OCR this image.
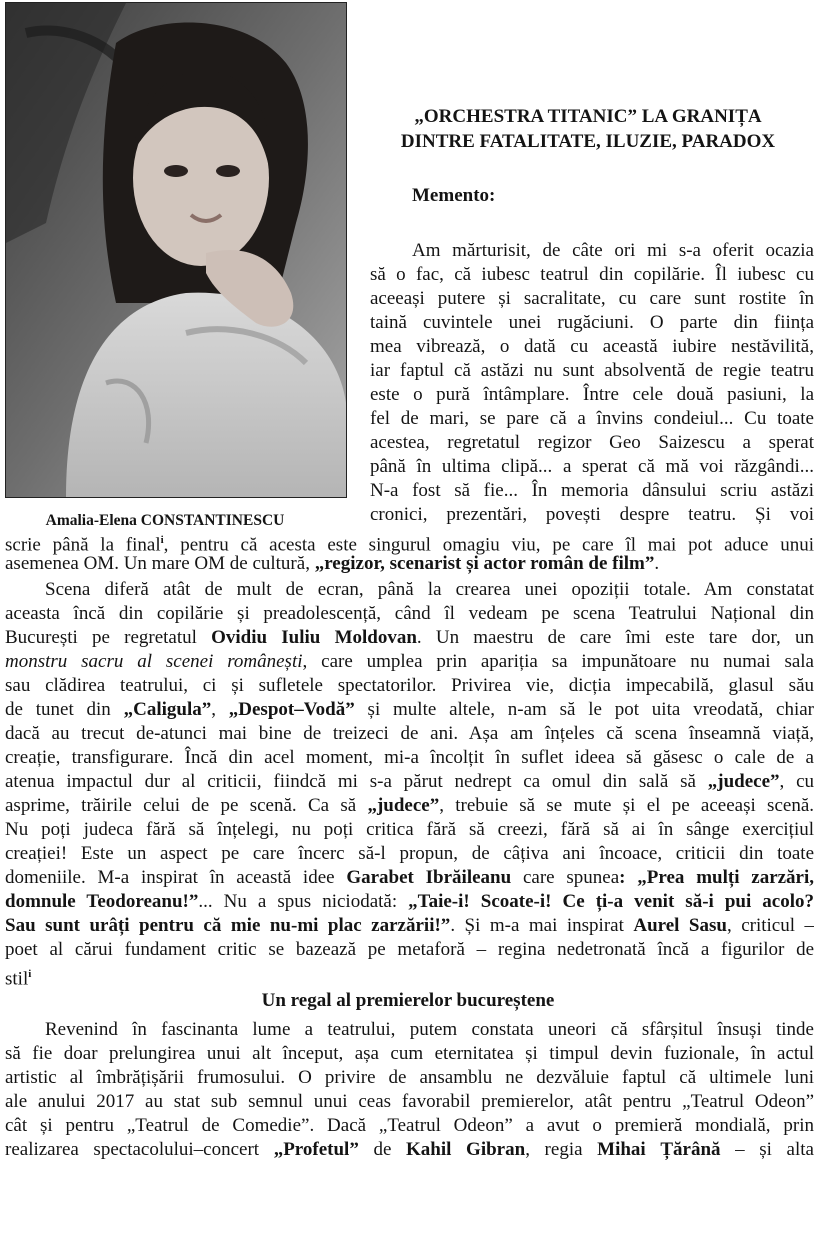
Amalia-Elena CONSTANTINESCU
„ORCHESTRA TITANIC” LA GRANIȚA
DINTRE FATALITATE, ILUZIE, PARADOX
Memento:
Am mărturisit, de câte ori mi s-a oferit ocazia
să o fac, că iubesc teatrul din copilărie. Îl iubesc cu
aceeași putere și sacralitate, cu care sunt rostite în
taină cuvintele unei rugăciuni. O parte din ființa
mea vibrează, o dată cu această iubire nestăvilită,
iar faptul că astăzi nu sunt absolventă de regie teatru
este o pură întâmplare. Între cele două pasiuni, la
fel de mari, se pare că a învins condeiul... Cu toate
acestea, regretatul regizor Geo Saizescu a sperat
până în ultima clipă... a sperat că mă voi răzgândi...
N-a fost să fie... În memoria dânsului scriu astăzi
cronici, prezentări, povești despre teatru. Și voi
scrie până la final$^i$, pentru că acesta este singurul omagiu viu, pe care îl mai pot aduce unui
asemenea OM. Un mare OM de cultură, „regizor, scenarist și actor român de film”.
Scena diferă atât de mult de ecran, până la crearea unei opoziții totale. Am constatat
aceasta încă din copilărie și preadolescență, când îl vedeam pe scena Teatrului Național din
București pe regretatul Ovidiu Iuliu Moldovan. Un maestru de care îmi este tare dor, un
monstru sacru al scenei românești, care umplea prin apariția sa impunătoare nu numai sala
sau clădirea teatrului, ci și sufletele spectatorilor. Privirea vie, dicția impecabilă, glasul său
de tunet din „Caligula”, „Despot–Vodă” și multe altele, n-am să le pot uita vreodată, chiar
dacă au trecut de-atunci mai bine de treizeci de ani. Așa am înțeles că scena înseamnă viață,
creație, transfigurare. Încă din acel moment, mi-a încolțit în suflet ideea să găsesc o cale de a
atenua impactul dur al criticii, fiindcă mi s-a părut nedrept ca omul din sală să „judece”, cu
asprime, trăirile celui de pe scenă. Ca să „judece”, trebuie să se mute și el pe aceeași scenă.
Nu poți judeca fără să înțelegi, nu poți critica fără să creezi, fără să ai în sânge exercițiul
creației! Este un aspect pe care încerc să-l propun, de câțiva ani încoace, criticii din toate
domeniile. M-a inspirat în această idee Garabet Ibrăileanu care spunea: „Prea mulți zarzări,
domnule Teodoreanu!”... Nu a spus niciodată: „Taie-i! Scoate-i! Ce ți-a venit să-i pui acolo?
Sau sunt urâți pentru că mie nu-mi plac zarzării!”. Și m-a mai inspirat Aurel Sasu, criticul –
poet al cărui fundament critic se bazează pe metaforă – regina nedetronată încă a figurilor de
stil$^i$
Un regal al premierelor bucureștene
Revenind în fascinanta lume a teatrului, putem constata uneori că sfârșitul însuși tinde
să fie doar prelungirea unui alt început, așa cum eternitatea și timpul devin fuzionale, în actul
artistic al îmbrățișării frumosului. O privire de ansamblu ne dezvăluie faptul că ultimele luni
ale anului 2017 au stat sub semnul unui ceas favorabil premierelor, atât pentru „Teatrul Odeon”
cât și pentru „Teatrul de Comedie”. Dacă „Teatrul Odeon” a avut o premieră mondială, prin
realizarea spectacolului–concert „Profetul” de Kahil Gibran, regia Mihai Țărână – și alta
